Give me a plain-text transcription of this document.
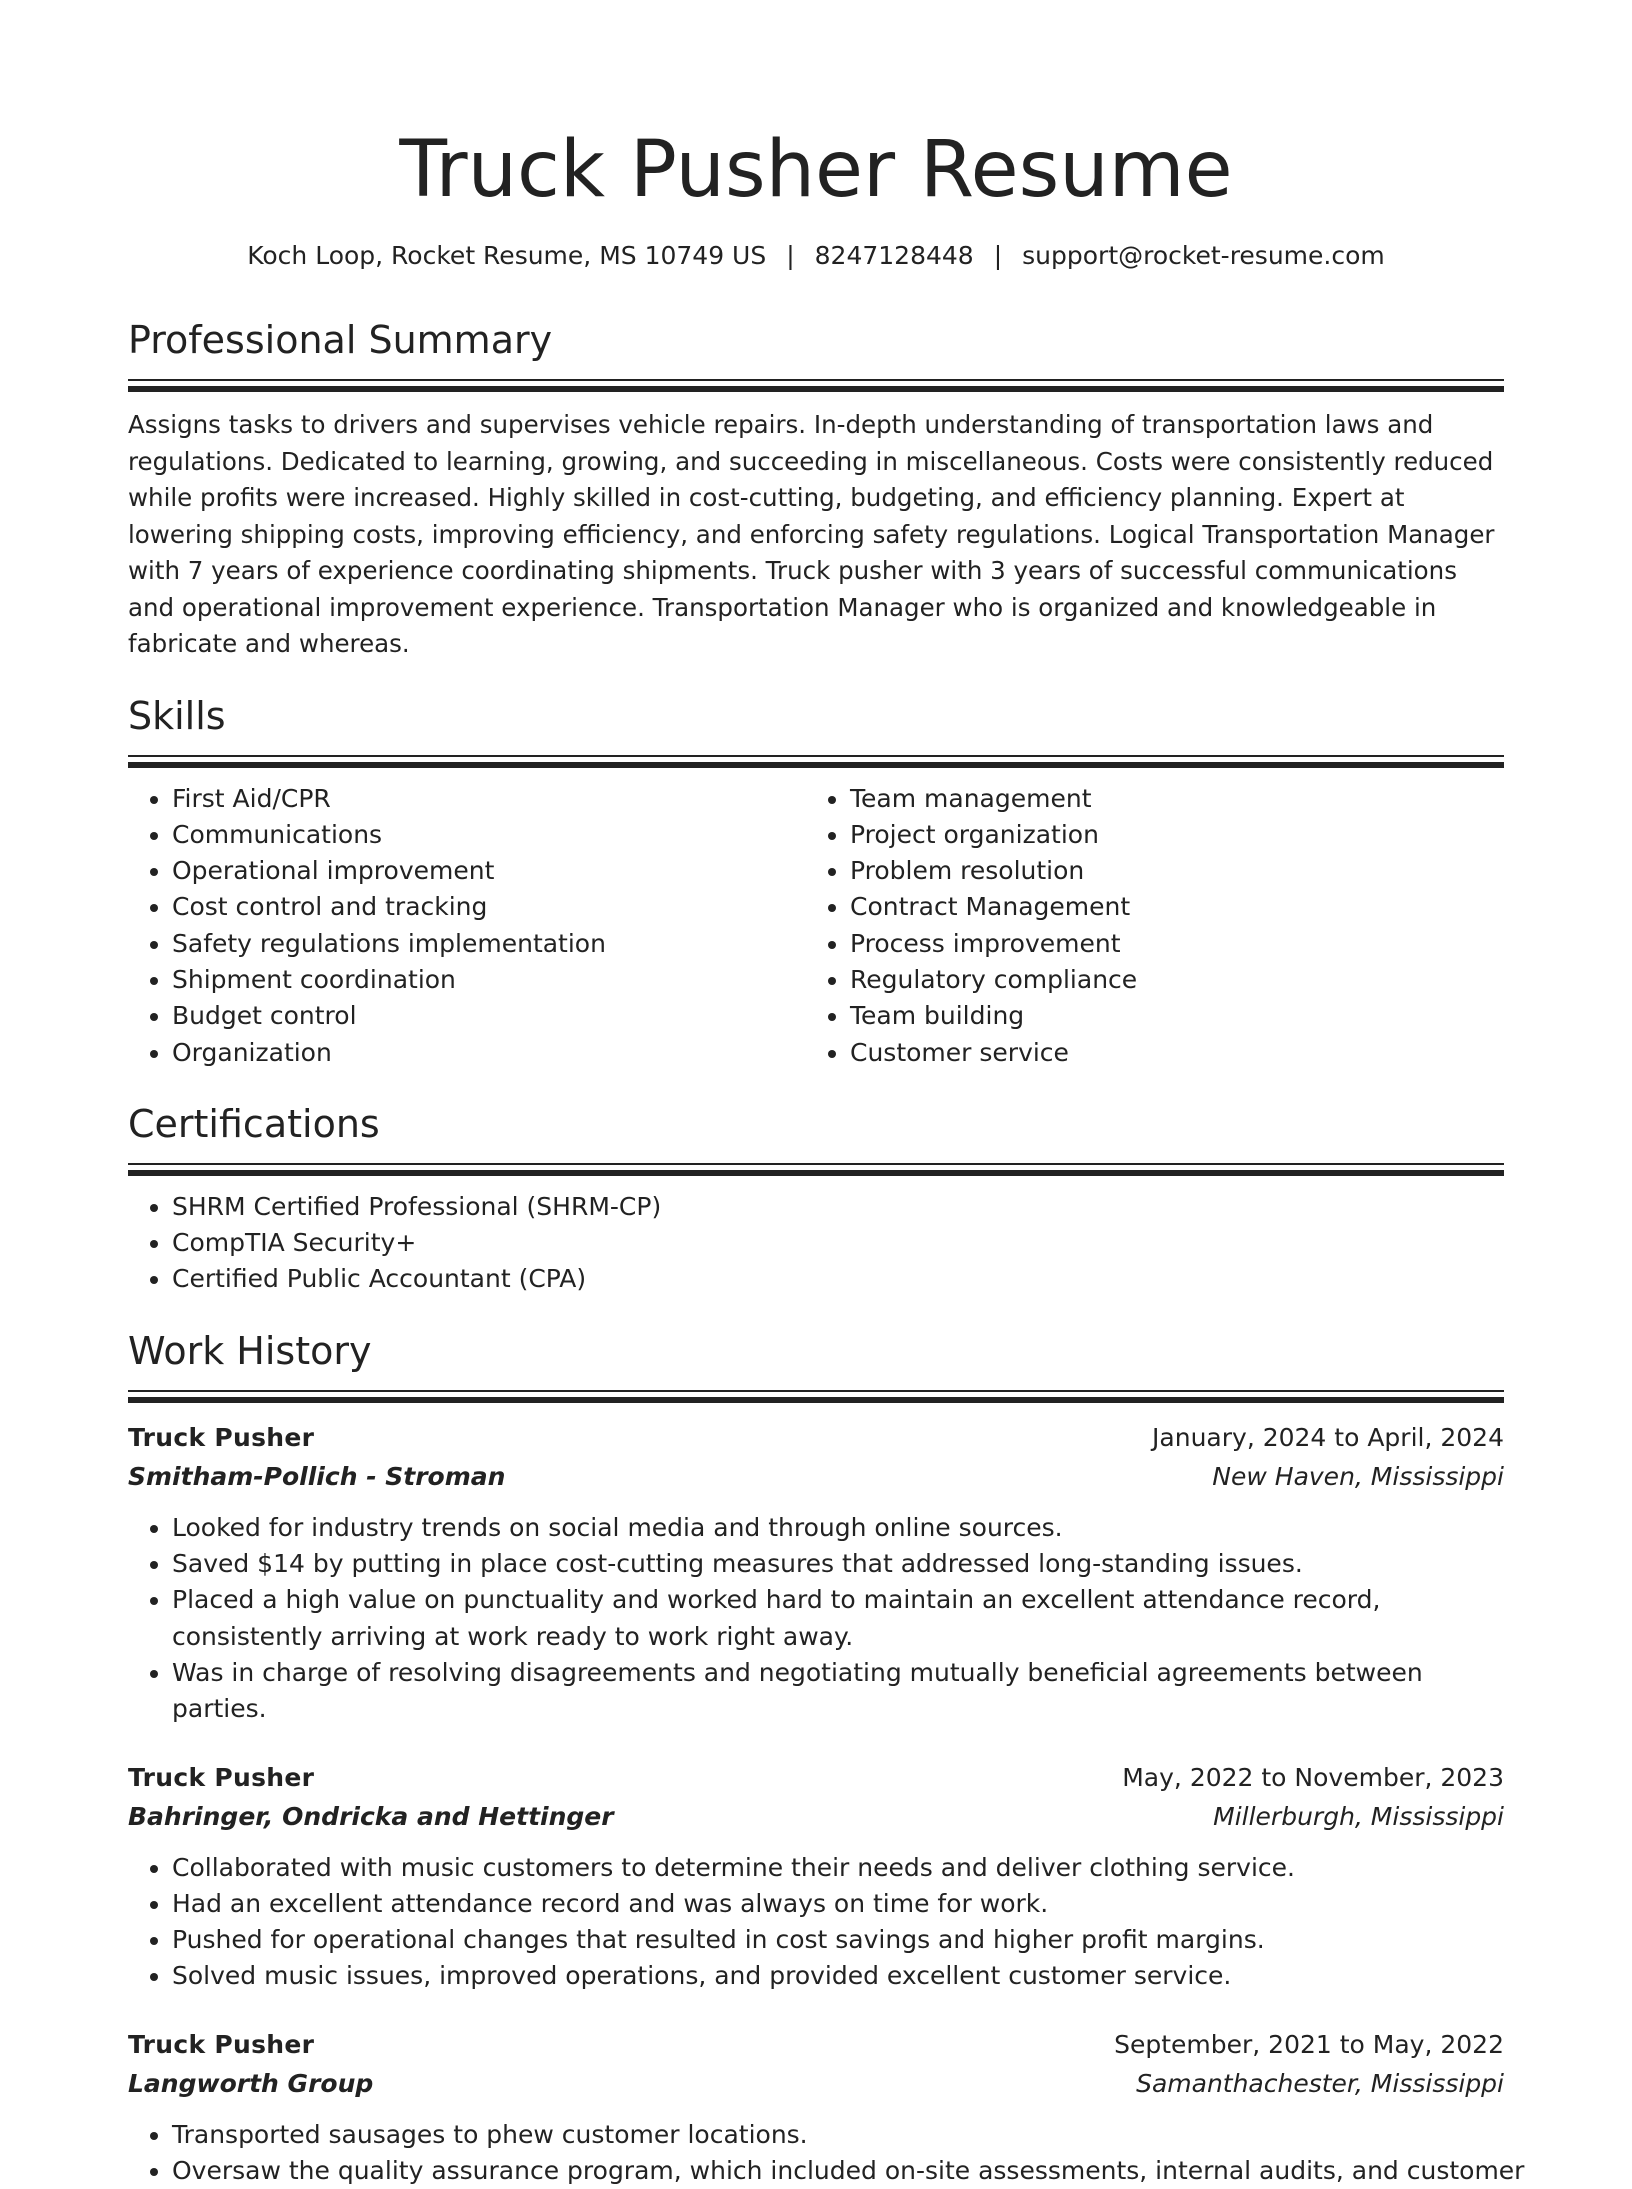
Truck Pusher Resume
Koch Loop, Rocket Resume, MS 10749 US | 8247128448 | support@rocket-resume.com
Professional Summary

Assigns tasks to drivers and supervises vehicle repairs. In-depth understanding of transportation laws and regulations. Dedicated to learning, growing, and succeeding in miscellaneous. Costs were consistently reduced while profits were increased. Highly skilled in cost-cutting, budgeting, and efficiency planning. Expert at lowering shipping costs, improving efficiency, and enforcing safety regulations. Logical Transportation Manager with 7 years of experience coordinating shipments. Truck pusher with 3 years of successful communications and operational improvement experience. Transportation Manager who is organized and knowledgeable in fabricate and whereas.

Skills
• First Aid/CPR
• Communications
• Operational improvement
• Cost control and tracking
• Safety regulations implementation
• Shipment coordination
• Budget control
• Organization
• Team management
• Project organization
• Problem resolution
• Contract Management
• Process improvement
• Regulatory compliance
• Team building
• Customer service
Certifications
• SHRM Certified Professional (SHRM-CP)
• CompTIA Security+
• Certified Public Accountant (CPA)
Work History
Truck Pusher	January, 2024 to April, 2024
Smitham-Pollich - Stroman	New Haven, Mississippi
• Looked for industry trends on social media and through online sources.
• Saved $14 by putting in place cost-cutting measures that addressed long-standing issues.
• Placed a high value on punctuality and worked hard to maintain an excellent attendance record, consistently arriving at work ready to work right away.
• Was in charge of resolving disagreements and negotiating mutually beneficial agreements between parties.
Truck Pusher	May, 2022 to November, 2023
Bahringer, Ondricka and Hettinger	Millerburgh, Mississippi
• Collaborated with music customers to determine their needs and deliver clothing service.
• Had an excellent attendance record and was always on time for work.
• Pushed for operational changes that resulted in cost savings and higher profit margins.
• Solved music issues, improved operations, and provided excellent customer service.
Truck Pusher	September, 2021 to May, 2022
Langworth Group	Samanthachester, Mississippi
• Transported sausages to phew customer locations.
• Oversaw the quality assurance program, which included on-site assessments, internal audits, and customer
